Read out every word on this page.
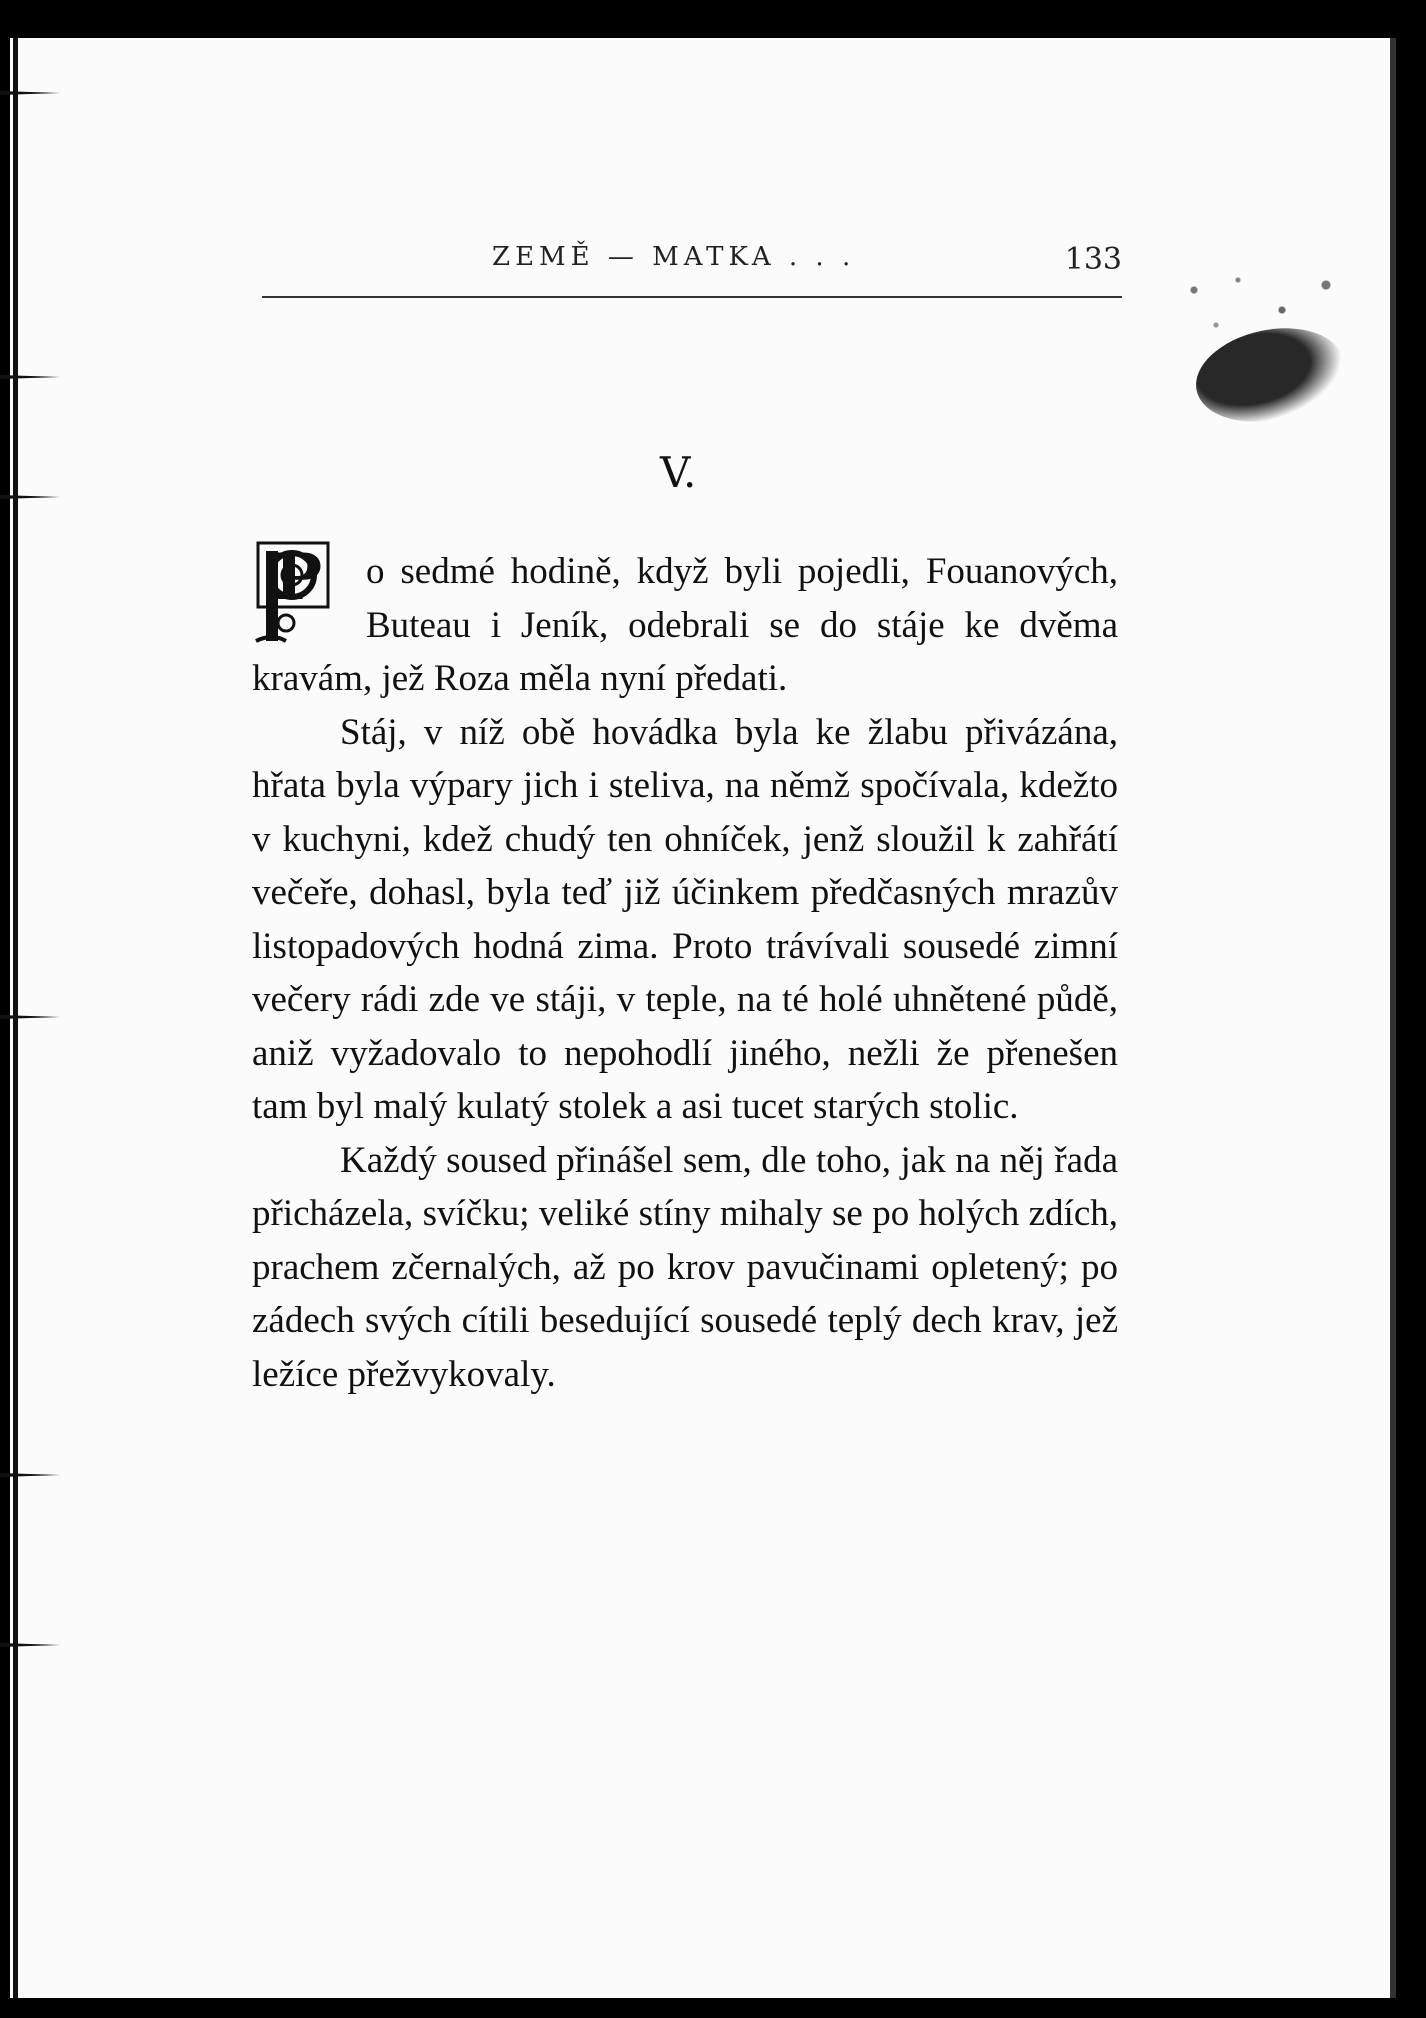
ZEMĚ — MATKA . . .	133
V.

P o sedmé hodině, když byli pojedli, Fouanových, Buteau i Jeník, odebrali se do stáje ke dvěma kravám, jež Roza měla nyní předati.

Stáj, v níž obě hovádka byla ke žlabu přivázána, hřata byla výpary jich i steliva, na němž spočívala, kdežto v kuchyni, kdež chudý ten ohníček, jenž sloužil k zahřátí večeře, dohasl, byla teď již účinkem předčasných mrazův listopadových hodná zima. Proto trávívali sousedé zimní večery rádi zde ve stáji, v teple, na té holé uhnětené půdě, aniž vyžadovalo to nepohodlí jiného, nežli že přenešen tam byl malý kulatý stolek a asi tucet starých stolic.

Každý soused přinášel sem, dle toho, jak na něj řada přicházela, svíčku; veliké stíny mihaly se po holých zdích, prachem zčernalých, až po krov pavučinami opletený; po zádech svých cítili besedující sousedé teplý dech krav, jež ležíce přežvykovaly.
